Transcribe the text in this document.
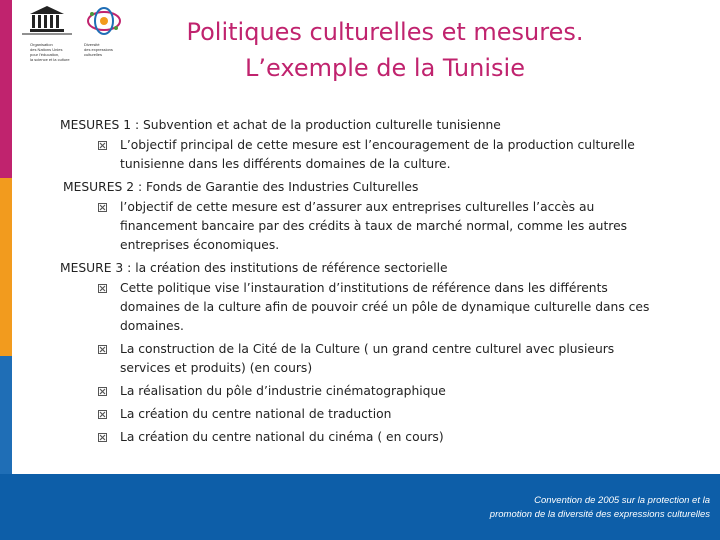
Organisation
des Nations Unies
pour l'éducation,
la science et la culture
Diversité
des expressions
culturelles
Politiques culturelles et mesures.
L’exemple de la Tunisie
MESURES 1 : Subvention et achat de la production culturelle tunisienne
L’objectif principal de cette mesure est l’encouragement de la production culturelle tunisienne dans les différents domaines de la culture.
MESURES 2 : Fonds de Garantie des Industries Culturelles
l’objectif de cette mesure est d’assurer aux entreprises culturelles l’accès au financement bancaire par des crédits à taux de marché normal, comme les autres entreprises économiques.
MESURE 3 : la création des institutions de référence sectorielle
Cette politique vise l’instauration d’institutions de référence dans les différents domaines de la culture afin de pouvoir créé un pôle de dynamique culturelle dans ces domaines.
La construction de la Cité de la Culture ( un grand centre culturel avec plusieurs services et produits) (en cours)
La réalisation du pôle d’industrie cinématographique
La création du centre national de traduction
La création du centre national du cinéma ( en cours)
Convention de 2005 sur la protection et la
promotion de la diversité des expressions culturelles
